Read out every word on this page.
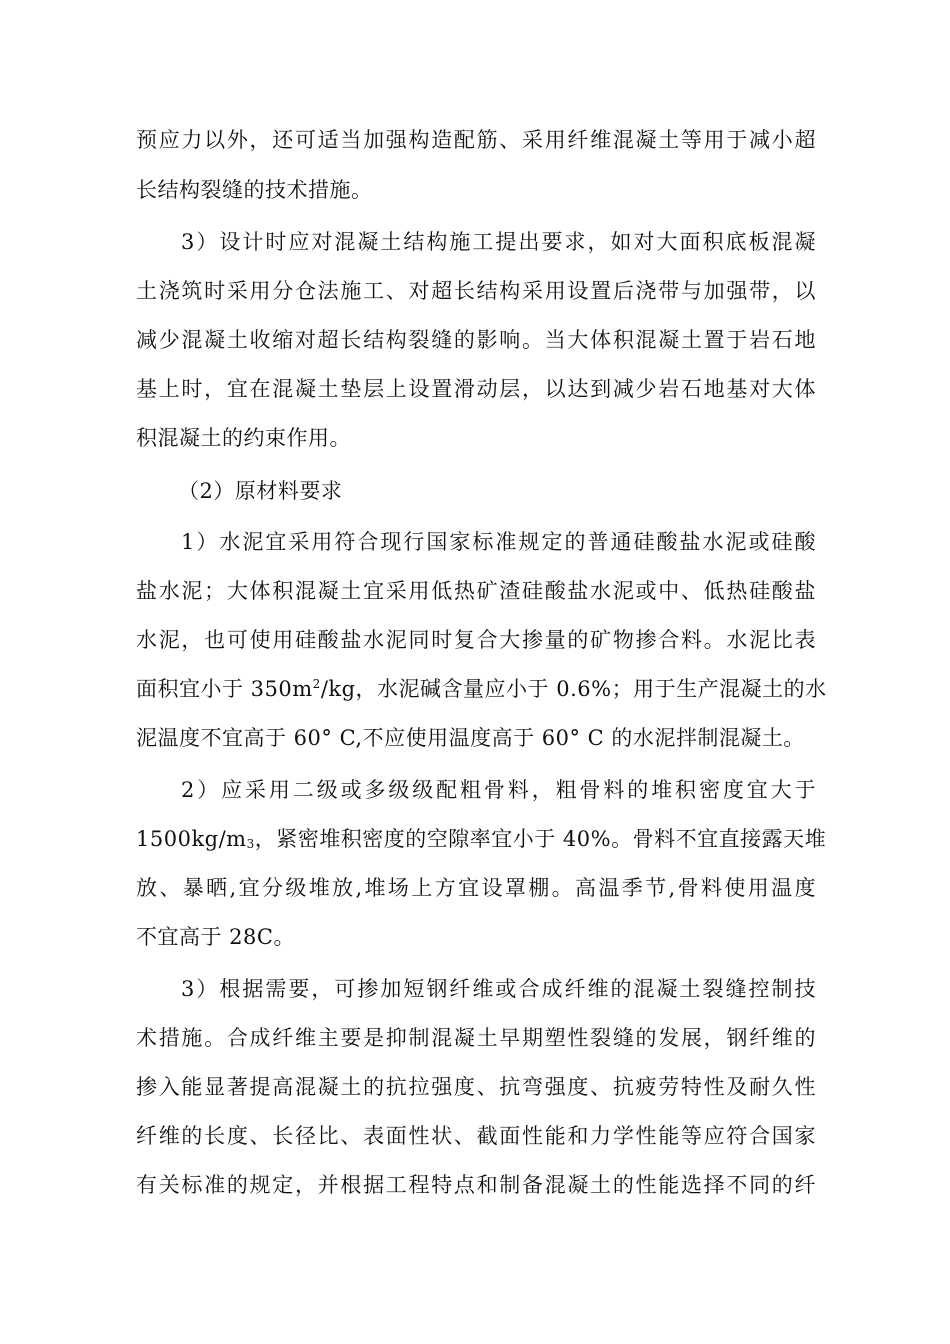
预应力以外，还可适当加强构造配筋、采用纤维混凝土等用于减小超
长结构裂缝的技术措施。
3）设计时应对混凝土结构施工提出要求，如对大面积底板混凝
土浇筑时采用分仓法施工、对超长结构采用设置后浇带与加强带，以
减少混凝土收缩对超长结构裂缝的影响。当大体积混凝土置于岩石地
基上时，宜在混凝土垫层上设置滑动层，以达到减少岩石地基对大体
积混凝土的约束作用。
（2）原材料要求
1）水泥宜采用符合现行国家标准规定的普通硅酸盐水泥或硅酸
盐水泥；大体积混凝土宜采用低热矿渣硅酸盐水泥或中、低热硅酸盐
水泥，也可使用硅酸盐水泥同时复合大掺量的矿物掺合料。水泥比表
面积宜小于 $350m^2/kg$，水泥碱含量应小于 0.6%；用于生产混凝土的水
泥温度不宜高于 60° C,不应使用温度高于 60° C 的水泥拌制混凝土。
2）应采用二级或多级级配粗骨料，粗骨料的堆积密度宜大于
$1500kg/m_3$，紧密堆积密度的空隙率宜小于 40%。骨料不宜直接露天堆
放、暴晒,宜分级堆放,堆场上方宜设罩棚。高温季节,骨料使用温度
不宜高于 28C。
3）根据需要，可掺加短钢纤维或合成纤维的混凝土裂缝控制技
术措施。合成纤维主要是抑制混凝土早期塑性裂缝的发展，钢纤维的
掺入能显著提高混凝土的抗拉强度、抗弯强度、抗疲劳特性及耐久性
纤维的长度、长径比、表面性状、截面性能和力学性能等应符合国家
有关标准的规定，并根据工程特点和制备混凝土的性能选择不同的纤
